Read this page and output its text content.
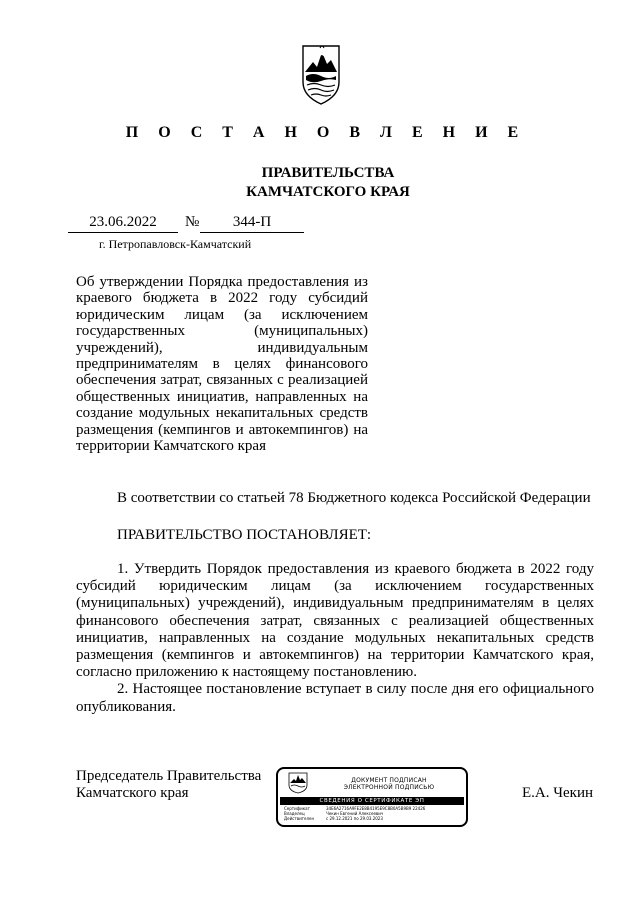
П О С Т А Н О В Л Е Н И Е
ПРАВИТЕЛЬСТВА
КАМЧАТСКОГО КРАЯ
23.06.2022	№	344-П
г. Петропавловск-Камчатский
Об утверждении Порядка предоставления из краевого бюджета в 2022 году субсидий юридическим лицам (за исключением государственных (муниципальных) учреждений), индивидуальным предпринимателям в целях финансового обеспечения затрат, связанных с реализацией общественных инициатив, направленных на создание модульных некапитальных средств размещения (кемпингов и автокемпингов) на территории Камчатского края
В соответствии со статьей 78 Бюджетного кодекса Российской Федерации
ПРАВИТЕЛЬСТВО ПОСТАНОВЛЯЕТ:

1. Утвердить Порядок предоставления из краевого бюджета в 2022 году субсидий юридическим лицам (за исключением государственных (муниципальных) учреждений), индивидуальным предпринимателям в целях финансового обеспечения затрат, связанных с реализацией общественных инициатив, направленных на создание модульных некапитальных средств размещения (кемпингов и автокемпингов) на территории Камчатского края, согласно приложению к настоящему постановлению.

2. Настоящее постановление вступает в силу после дня его официального опубликования.

Председатель Правительства
Камчатского края	Е.А. Чекин
ДОКУМЕНТ ПОДПИСАН
ЭЛЕКТРОННОЙ ПОДПИСЬЮ
СВЕДЕНИЯ О СЕРТИФИКАТЕ ЭП
Сертификат	34E6A2716A9FE2E8B4195E9C8B0A5B9B9 22426
Владелец	Чекин Евгений Алексеевич
Действителен	с 29.12.2021 по 29.03.2023
